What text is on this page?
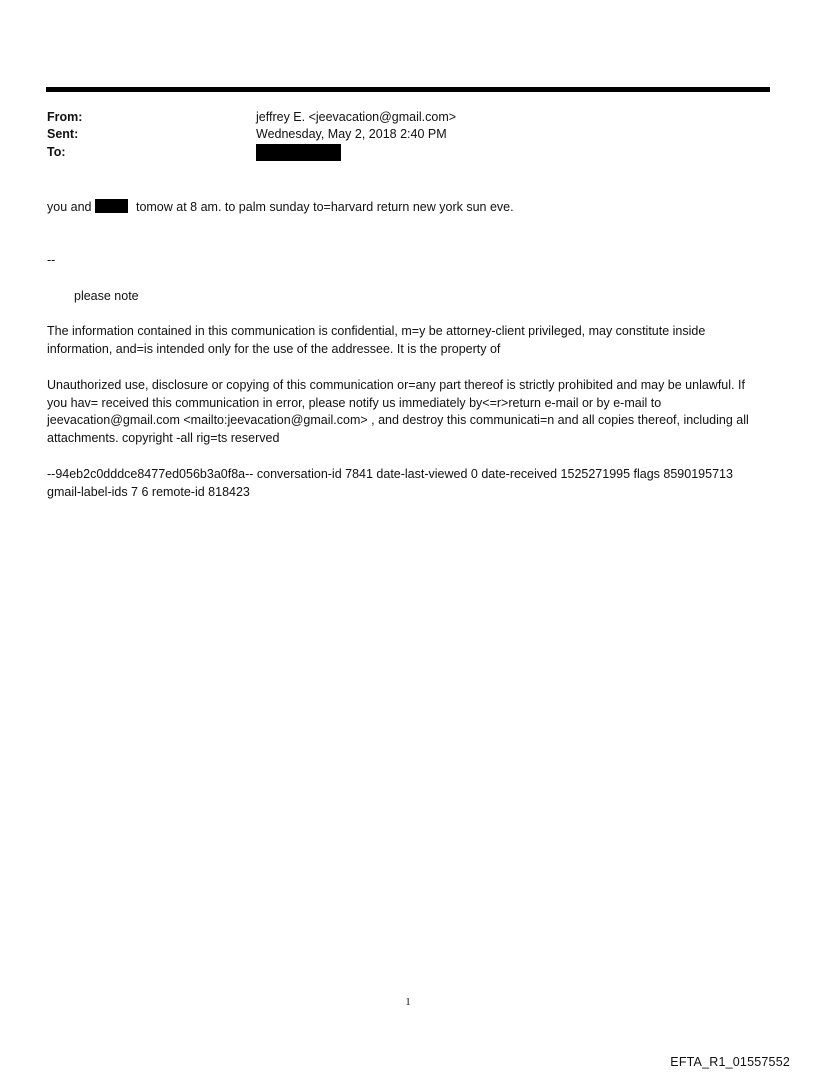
From:	jeffrey E. <jeevacation@gmail.com>
Sent:	Wednesday, May 2, 2018 2:40 PM
To:

you and	tomow at 8 am. to palm sunday to=harvard return new york sun eve.

--

please note

The information contained in this communication is confidential, m=y be attorney-client privileged, may constitute inside information, and=is intended only for the use of the addressee. It is the property of

Unauthorized use, disclosure or copying of this communication or=any part thereof is strictly prohibited and may be unlawful. If you hav= received this communication in error, please notify us immediately by<=r>return e-mail or by e-mail to jeevacation@gmail.com <mailto:jeevacation@gmail.com> , and destroy this communicati=n and all copies thereof, including all attachments. copyright -all rig=ts reserved

--94eb2c0dddce8477ed056b3a0f8a-- conversation-id 7841 date-last-viewed 0 date-received 1525271995 flags 8590195713 gmail-label-ids 7 6 remote-id 818423

1
EFTA_R1_01557552
